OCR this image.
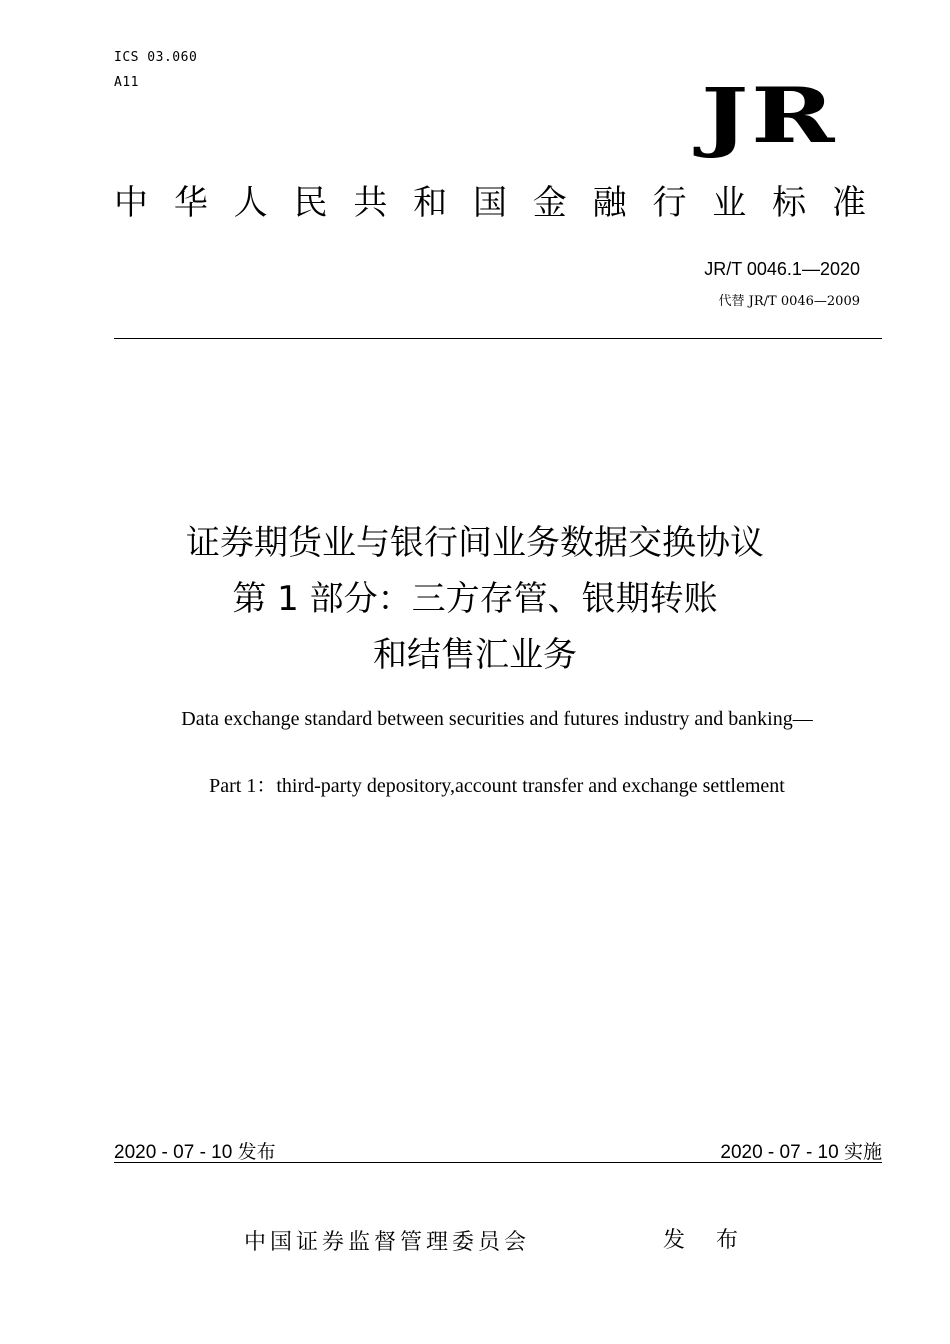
ICS 03.060
A11	JR
中 华 人 民 共 和 国 金 融 行 业 标 准
JR/T 0046.1—2020
代替 JR/T 0046—2009
证券期货业与银行间业务数据交换协议
第 1 部分：三方存管、银期转账
和结售汇业务
Data exchange standard between securities and futures industry and banking—
Part 1：third-party depository,account transfer and exchange settlement
2020 - 07 - 10 发布	2020 - 07 - 10 实施
中国证券监督管理委员会	发 布
